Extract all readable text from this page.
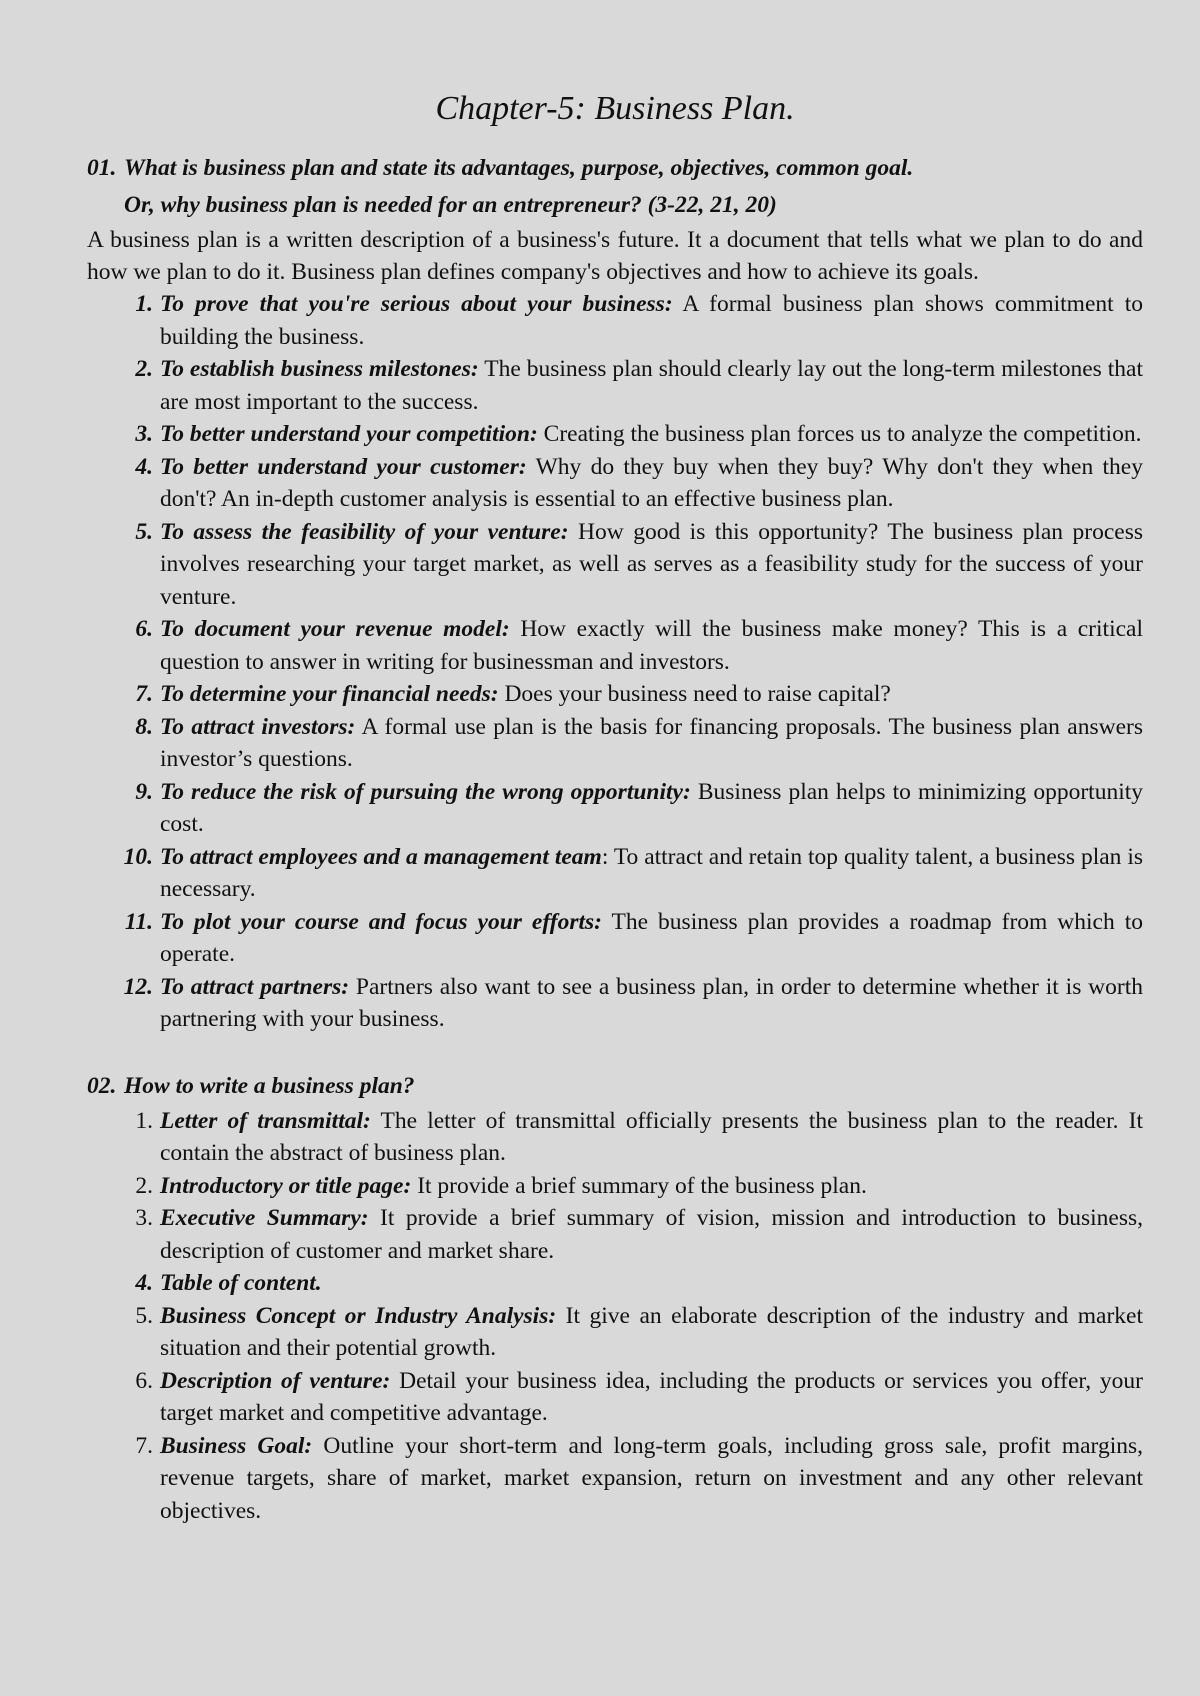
Chapter-5: Business Plan.
01. What is business plan and state its advantages, purpose, objectives, common goal.
Or, why business plan is needed for an entrepreneur? (3-22, 21, 20)

A business plan is a written description of a business's future. It a document that tells what we plan to do and how we plan to do it. Business plan defines company's objectives and how to achieve its goals.

1. To prove that you're serious about your business: A formal business plan shows commitment to building the business.
2. To establish business milestones: The business plan should clearly lay out the long-term milestones that are most important to the success.
3. To better understand your competition: Creating the business plan forces us to analyze the competition.
4. To better understand your customer: Why do they buy when they buy? Why don't they when they don't? An in-depth customer analysis is essential to an effective business plan.
5. To assess the feasibility of your venture: How good is this opportunity? The business plan process involves researching your target market, as well as serves as a feasibility study for the success of your venture.
6. To document your revenue model: How exactly will the business make money? This is a critical question to answer in writing for businessman and investors.
7. To determine your financial needs: Does your business need to raise capital?
8. To attract investors: A formal use plan is the basis for financing proposals. The business plan answers investor’s questions.
9. To reduce the risk of pursuing the wrong opportunity: Business plan helps to minimizing opportunity cost.
10. To attract employees and a management team: To attract and retain top quality talent, a business plan is necessary.
11. To plot your course and focus your efforts: The business plan provides a roadmap from which to operate.
12. To attract partners: Partners also want to see a business plan, in order to determine whether it is worth partnering with your business.
02. How to write a business plan?
1. Letter of transmittal: The letter of transmittal officially presents the business plan to the reader. It contain the abstract of business plan.
2. Introductory or title page: It provide a brief summary of the business plan.
3. Executive Summary: It provide a brief summary of vision, mission and introduction to business, description of customer and market share.
4. Table of content.
5. Business Concept or Industry Analysis: It give an elaborate description of the industry and market situation and their potential growth.
6. Description of venture: Detail your business idea, including the products or services you offer, your target market and competitive advantage.
7. Business Goal: Outline your short-term and long-term goals, including gross sale, profit margins, revenue targets, share of market, market expansion, return on investment and any other relevant objectives.
